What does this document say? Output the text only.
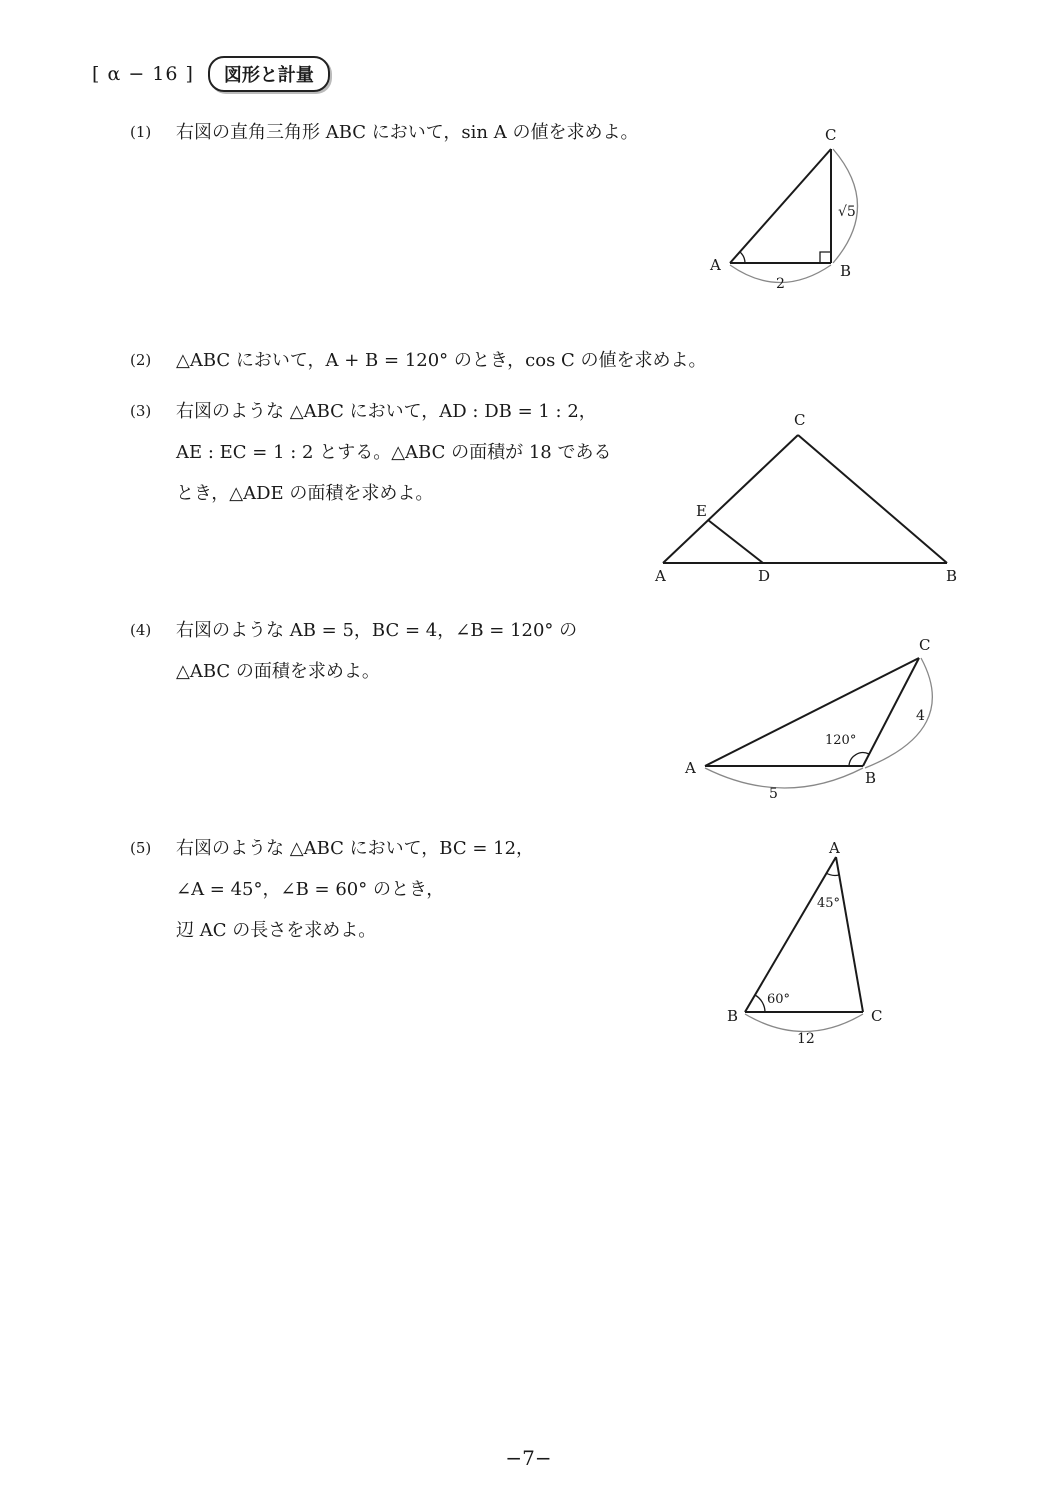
[ α − 16 ]	図形と計量
(1)	右図の直角三角形 ABC において，sin A の値を求めよ。
(2)	△ABC において，A + B = 120° のとき，cos C の値を求めよ。
(3)	右図のような △ABC において，AD : DB = 1 : 2，
AE : EC = 1 : 2 とする。△ABC の面積が 18 である
とき，△ADE の面積を求めよ。
(4)	右図のような AB = 5，BC = 4，∠B = 120° の
△ABC の面積を求めよ。
(5)	右図のような △ABC において，BC = 12，
∠A = 45°，∠B = 60° のとき，
辺 AC の長さを求めよ。
A	B
C
2
√5
A	B
C
D
E
A
B
C
5
4
120°
B	C
A
12
45°
60°
−7−
